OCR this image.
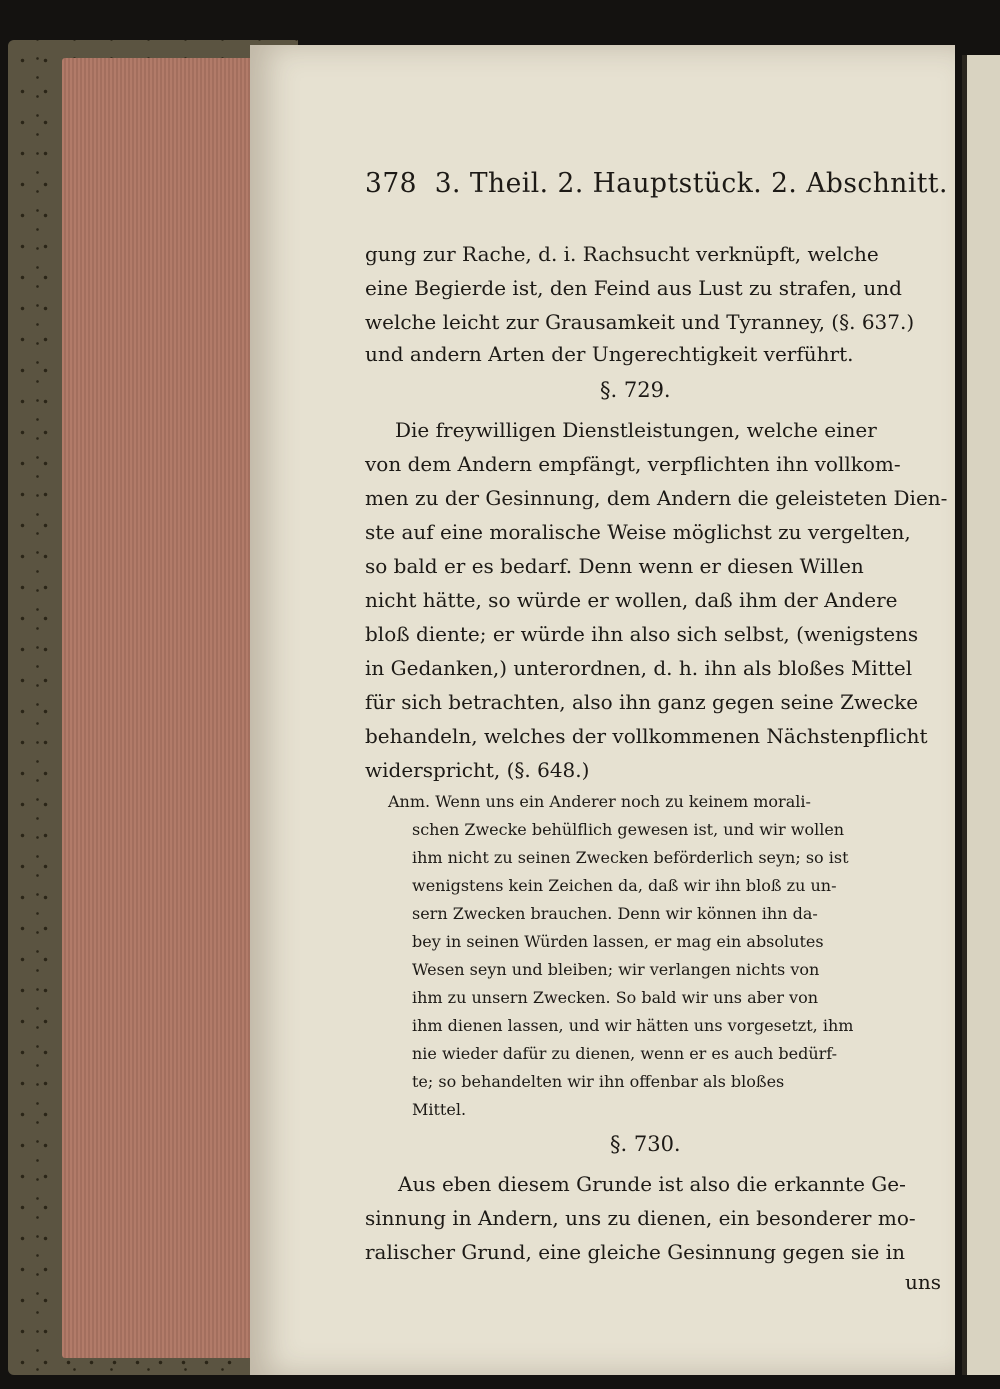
378 3. Theil. 2. Hauptstück. 2. Abschnitt.
gung zur Rache, d. i. Rachsucht verknüpft, welche
eine Begierde ist, den Feind aus Lust zu strafen, und
welche leicht zur Grausamkeit und Tyranney, (§. 637.)
und andern Arten der Ungerechtigkeit verführt.
§. 729.
Die freywilligen Dienstleistungen, welche einer
von dem Andern empfängt, verpflichten ihn vollkom-
men zu der Gesinnung, dem Andern die geleisteten Dien-
ste auf eine moralische Weise möglichst zu vergelten,
so bald er es bedarf. Denn wenn er diesen Willen
nicht hätte, so würde er wollen, daß ihm der Andere
bloß diente; er würde ihn also sich selbst, (wenigstens
in Gedanken,) unterordnen, d. h. ihn als bloßes Mittel
für sich betrachten, also ihn ganz gegen seine Zwecke
behandeln, welches der vollkommenen Nächstenpflicht
widerspricht, (§. 648.)
Anm. Wenn uns ein Anderer noch zu keinem morali-
schen Zwecke behülflich gewesen ist, und wir wollen
ihm nicht zu seinen Zwecken beförderlich seyn; so ist
wenigstens kein Zeichen da, daß wir ihn bloß zu un-
sern Zwecken brauchen. Denn wir können ihn da-
bey in seinen Würden lassen, er mag ein absolutes
Wesen seyn und bleiben; wir verlangen nichts von
ihm zu unsern Zwecken. So bald wir uns aber von
ihm dienen lassen, und wir hätten uns vorgesetzt, ihm
nie wieder dafür zu dienen, wenn er es auch bedürf-
te; so behandelten wir ihn offenbar als bloßes
Mittel.
§. 730.
Aus eben diesem Grunde ist also die erkannte Ge-
sinnung in Andern, uns zu dienen, ein besonderer mo-
ralischer Grund, eine gleiche Gesinnung gegen sie in
uns
